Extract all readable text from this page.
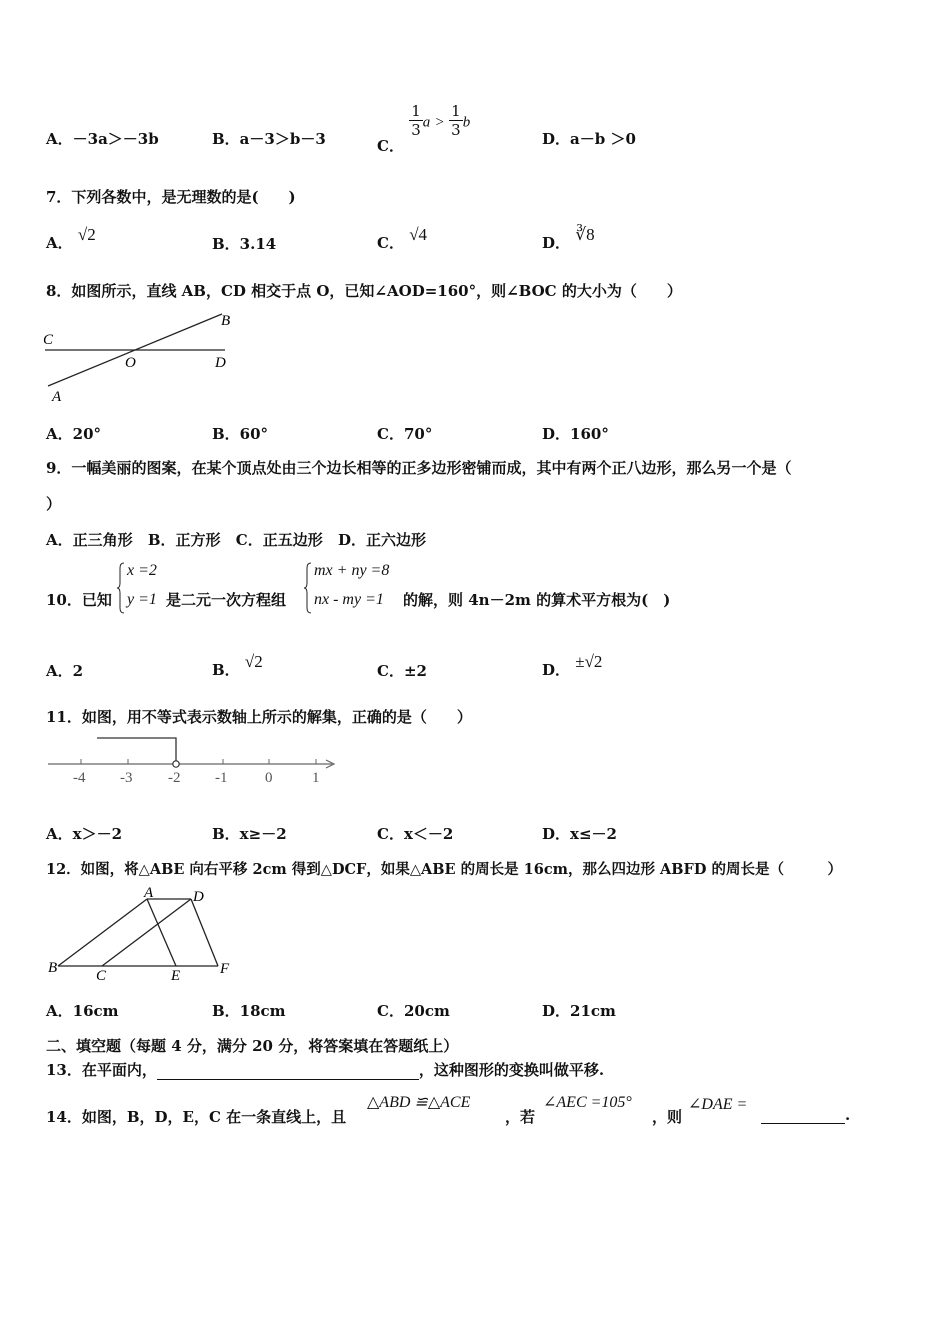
A．－3a＞－3b	B．a－3＞b－3	C．
$\frac{1}{3}$ $a > \frac{1}{3}$ b
D．a－b ＞0
7．下列各数中，是无理数的是(　　)
A． √2	B．3.14	C． √4	D． ∛8
8．如图所示，直线 AB，CD 相交于点 O，已知∠AOD=160°，则∠BOC 的大小为（　　）
C
B
O	D
A
A．20°	B．60°	C．70°	D．160°
9．一幅美丽的图案，在某个顶点处由三个边长相等的正多边形密铺而成，其中有两个正八边形，那么另一个是（
）
A．正三角形 B．正方形 C．正五边形 D．正六边形
10．已知
x =2
y =1 是二元一次方程组
mx + ny =8
nx - my =1 的解，则 4n－2m 的算术平方根为(　)
A．2	B． √2	C．±2	D． ±√2
11．如图，用不等式表示数轴上所示的解集，正确的是（　　）
-4 -3 -2 -1	0	1
A．x＞－2	B．x≥－2	C．x＜－2	D．x≤－2
12．如图，将△ABE 向右平移 2cm 得到△DCF，如果△ABE 的周长是 16cm，那么四边形 ABFD 的周长是（　　　）
A	D
B	C	E	F
A．16cm	B．18cm	C．20cm	D．21cm
二、填空题（每题 4 分，满分 20 分，将答案填在答题纸上）
13．在平面内，	，这种图形的变换叫做平移.
14．如图，B，D，E，C 在一条直线上，且
△ABD ≌△ACE
，若
∠AEC =105°
，则
∠DAE =
.
